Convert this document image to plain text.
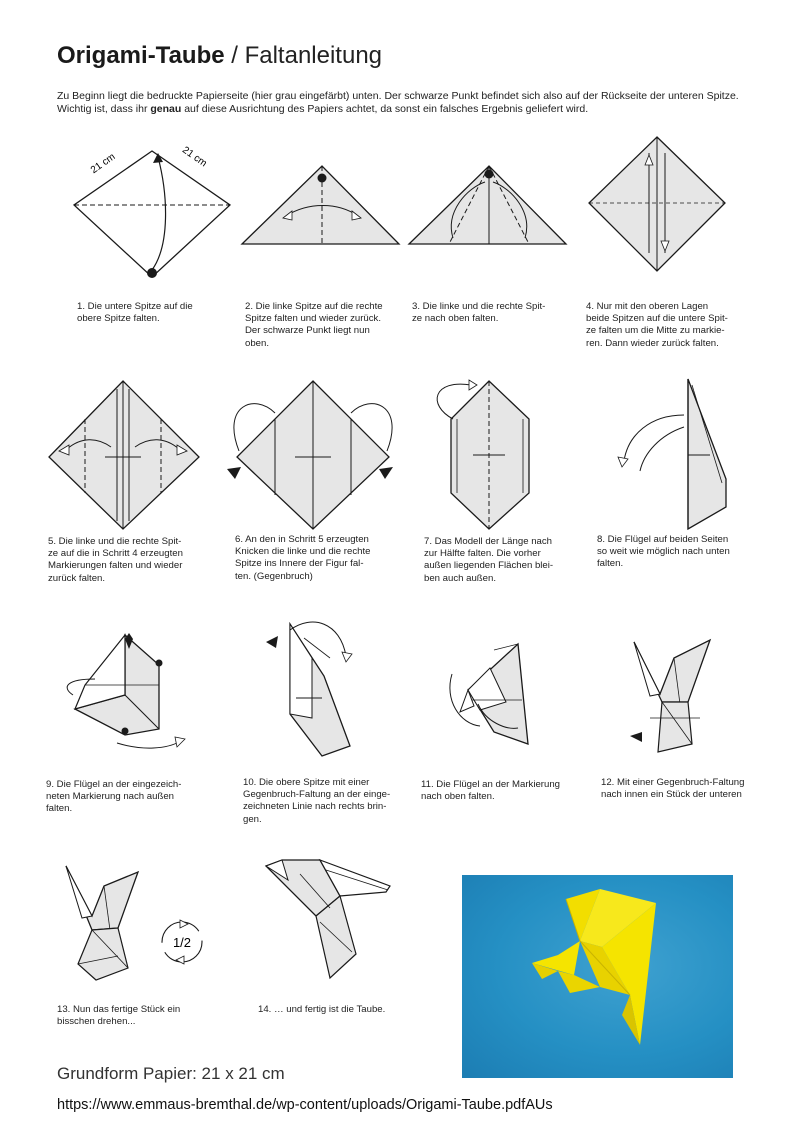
Origami-Taube / Faltanleitung
Zu Beginn liegt die bedruckte Papierseite (hier grau eingefärbt) unten. Der schwarze Punkt befindet sich also auf der Rückseite der unteren Spitze. Wichtig ist, dass ihr genau auf diese Ausrichtung des Papiers achtet, da sonst ein falsches Ergebnis geliefert wird.
21 cm	21 cm
1. Die untere Spitze auf die
obere Spitze falten.
2. Die linke Spitze auf die rechte
Spitze falten und wieder zurück.
Der schwarze Punkt liegt nun
oben.
3. Die linke und die rechte Spit-
ze nach oben falten.
4. Nur mit den oberen Lagen
beide Spitzen auf die untere Spit-
ze falten um die Mitte zu markie-
ren. Dann wieder zurück falten.
5. Die linke und die rechte Spit-
ze auf die in Schritt 4 erzeugten
Markierungen falten und wieder
zurück falten.
6. An den in Schritt 5 erzeugten
Knicken die linke und die rechte
Spitze ins Innere der Figur fal-
ten. (Gegenbruch)
7. Das Modell der Länge nach
zur Hälfte falten. Die vorher
außen liegenden Flächen blei-
ben auch außen.
8. Die Flügel auf beiden Seiten
so weit wie möglich nach unten
falten.
9. Die Flügel an der eingezeich-
neten Markierung nach außen
falten.
10. Die obere Spitze mit einer
Gegenbruch-Faltung an der einge-
zeichneten Linie nach rechts brin-
gen.
11. Die Flügel an der Markierung
nach oben falten.
12. Mit einer Gegenbruch-Faltung
nach innen ein Stück der unteren
1/2
13. Nun das fertige Stück ein
bisschen drehen...
14. … und fertig ist die Taube.
Grundform Papier: 21 x 21 cm
https://www.emmaus-bremthal.de/wp-content/uploads/Origami-Taube.pdfAUs
